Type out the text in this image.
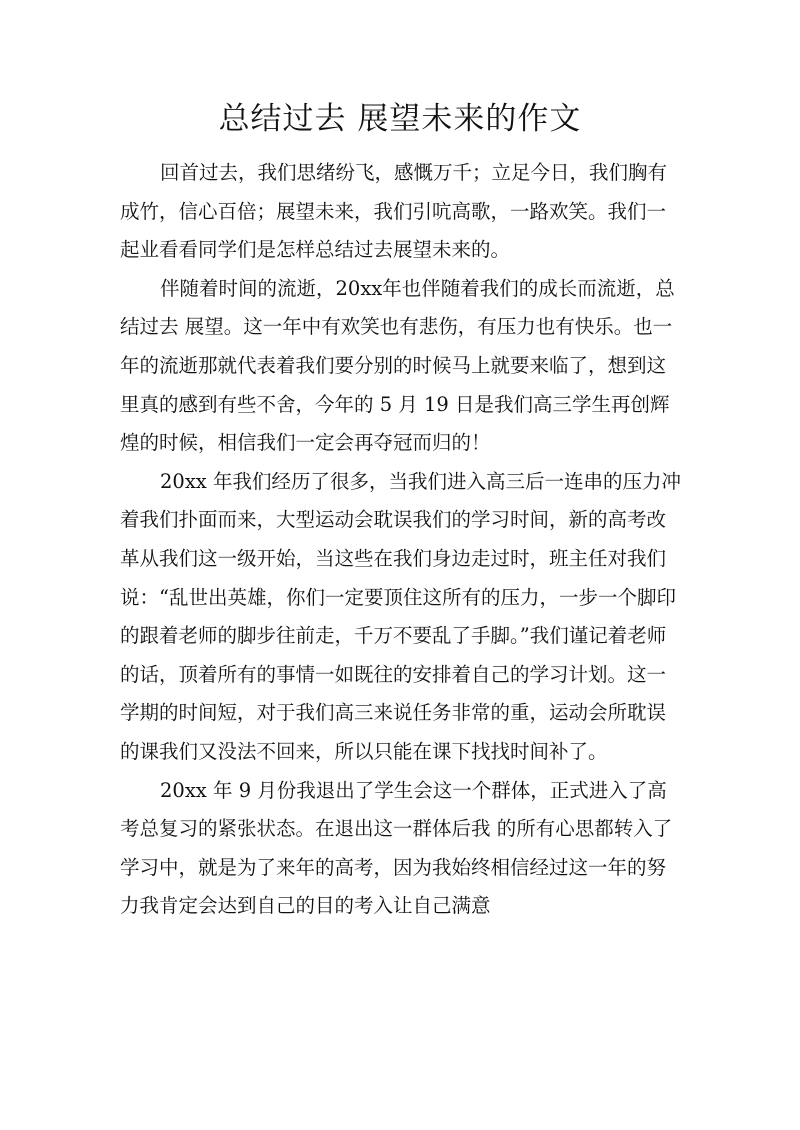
总结过去 展望未来的作文

回首过去，我们思绪纷飞，感慨万千；立足今日，我们胸有成竹，信心百倍；展望未来，我们引吭高歌，一路欢笑。我们一起业看看同学们是怎样总结过去展望未来的。

伴随着时间的流逝，20xx年也伴随着我们的成长而流逝，总结过去 展望。这一年中有欢笑也有悲伤，有压力也有快乐。也一年的流逝那就代表着我们要分别的时候马上就要来临了，想到这里真的感到有些不舍，今年的 5 月 19 日是我们高三学生再创辉煌的时候，相信我们一定会再夺冠而归的！

20xx 年我们经历了很多，当我们进入高三后一连串的压力冲着我们扑面而来，大型运动会耽误我们的学习时间，新的高考改革从我们这一级开始，当这些在我们身边走过时，班主任对我们说：“乱世出英雄，你们一定要顶住这所有的压力，一步一个脚印的跟着老师的脚步往前走，千万不要乱了手脚。”我们谨记着老师的话，顶着所有的事情一如既往的安排着自己的学习计划。这一学期的时间短，对于我们高三来说任务非常的重，运动会所耽误的课我们又没法不回来，所以只能在课下找找时间补了。

20xx 年 9 月份我退出了学生会这一个群体，正式进入了高考总复习的紧张状态。在退出这一群体后我 的所有心思都转入了学习中，就是为了来年的高考，因为我始终相信经过这一年的努力我肯定会达到自己的目的考入让自己满意
